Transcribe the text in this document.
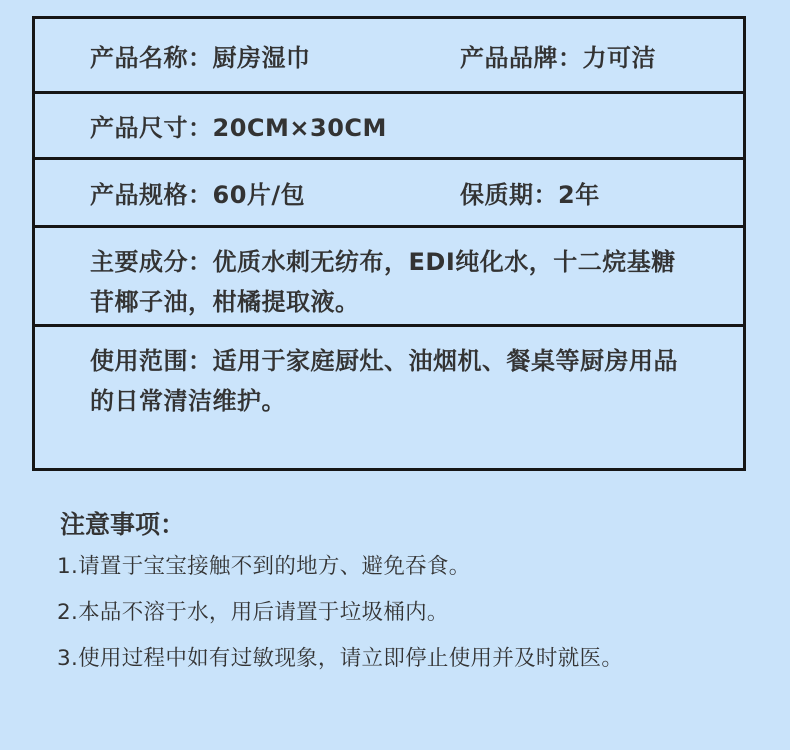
产品名称：厨房湿巾	产品品牌：力可洁
产品尺寸：20CM×30CM
产品规格：60片/包	保质期：2年
主要成分：优质水刺无纺布，EDI纯化水，十二烷基糖苷椰子油，柑橘提取液。
使用范围：适用于家庭厨灶、油烟机、餐桌等厨房用品的日常清洁维护。
注意事项：
1.请置于宝宝接触不到的地方、避免吞食。
2.本品不溶于水，用后请置于垃圾桶内。
3.使用过程中如有过敏现象，请立即停止使用并及时就医。
